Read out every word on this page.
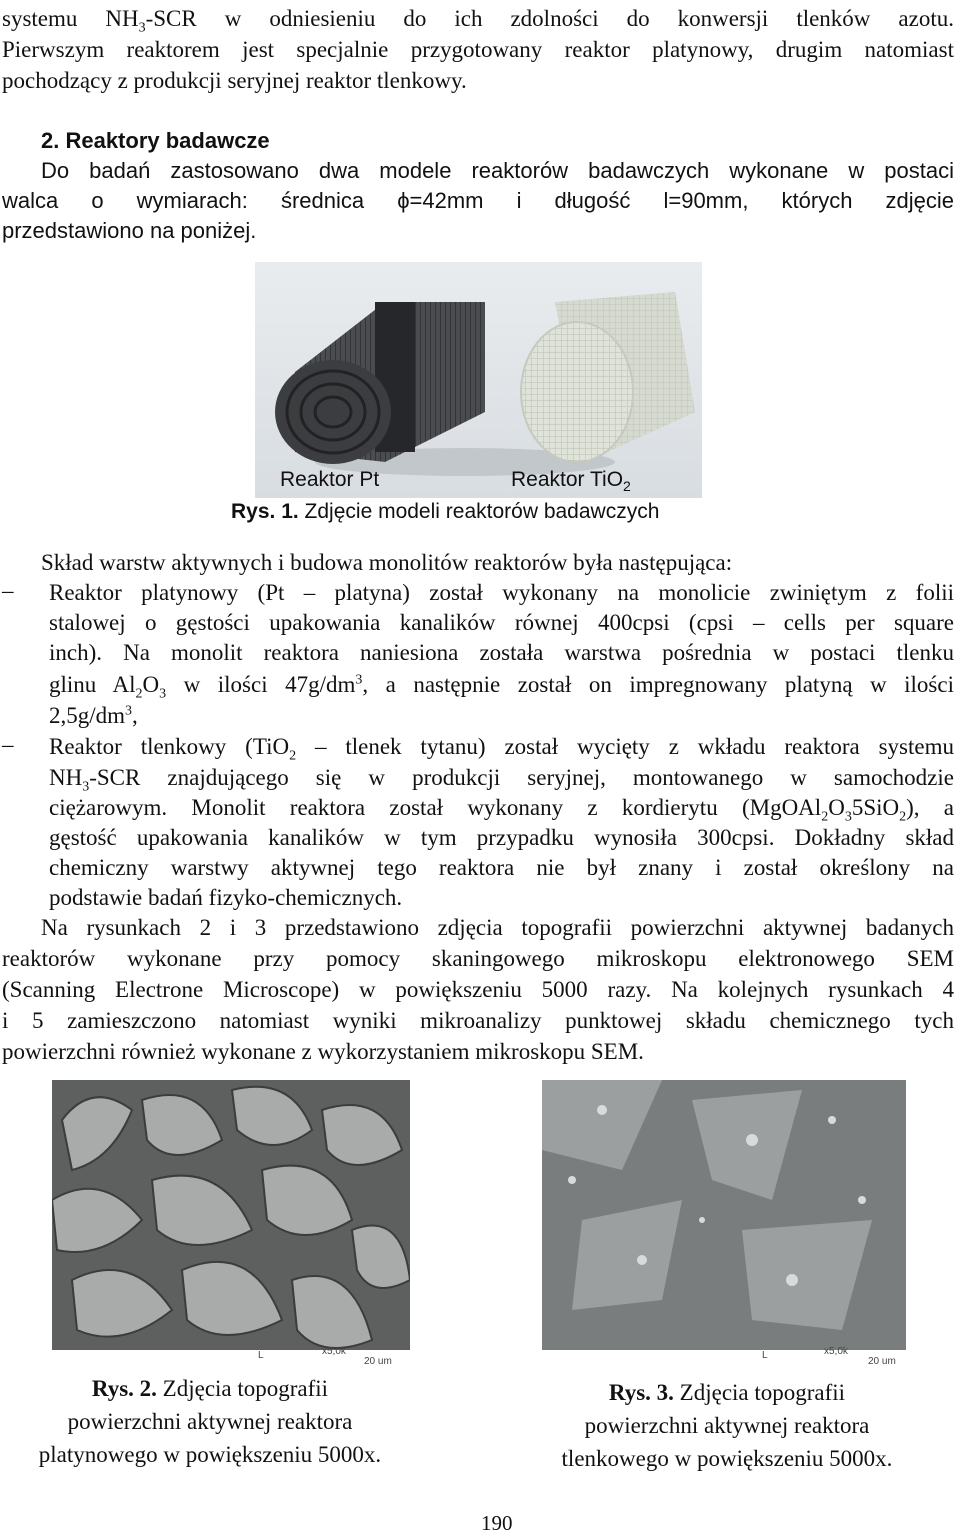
systemu $NH_3$-SCR w odniesieniu do ich zdolności do konwersji tlenków azotu.
Pierwszym reaktorem jest specjalnie przygotowany reaktor platynowy, drugim natomiast
pochodzący z produkcji seryjnej reaktor tlenkowy.
2. Reaktory badawcze
Do badań zastosowano dwa modele reaktorów badawczych wykonane w postaci
walca o wymiarach: średnica ϕ=42mm i długość l=90mm, których zdjęcie
przedstawiono na poniżej.
Reaktor Pt	Reaktor TiO$_2$
Rys. 1. Zdjęcie modeli reaktorów badawczych
Skład warstw aktywnych i budowa monolitów reaktorów była następująca:
– Reaktor platynowy (Pt – platyna) został wykonany na monolicie zwiniętym z folii
stalowej o gęstości upakowania kanalików równej 400cpsi (cpsi – cells per square
inch). Na monolit reaktora naniesiona została warstwa pośrednia w postaci tlenku
glinu $Al_2O_3$ w ilości $47g/dm^3$, a następnie został on impregnowany platyną w ilości
$2,5g/dm^3$,
– Reaktor tlenkowy (TiO$_2$ – tlenek tytanu) został wycięty z wkładu reaktora systemu
$NH_3$-SCR znajdującego się w produkcji seryjnej, montowanego w samochodzie
ciężarowym. Monolit reaktora został wykonany z kordierytu $(MgOAl_2O_35SiO_2)$, a
gęstość upakowania kanalików w tym przypadku wynosiła 300cpsi. Dokładny skład
chemiczny warstwy aktywnej tego reaktora nie był znany i został określony na
podstawie badań fizyko-chemicznych.
Na rysunkach 2 i 3 przedstawiono zdjęcia topografii powierzchni aktywnej badanych
reaktorów wykonane przy pomocy skaningowego mikroskopu elektronowego SEM
(Scanning Electrone Microscope) w powiększeniu 5000 razy. Na kolejnych rysunkach 4
i 5 zamieszczono natomiast wyniki mikroanalizy punktowej składu chemicznego tych
powierzchni również wykonane z wykorzystaniem mikroskopu SEM.
L	x5,0k
20 um
L	x5,0k
20 um
Rys. 2. Zdjęcia topografii
powierzchni aktywnej reaktora
platynowego w powiększeniu 5000x.
Rys. 3. Zdjęcia topografii
powierzchni aktywnej reaktora
tlenkowego w powiększeniu 5000x.
190
